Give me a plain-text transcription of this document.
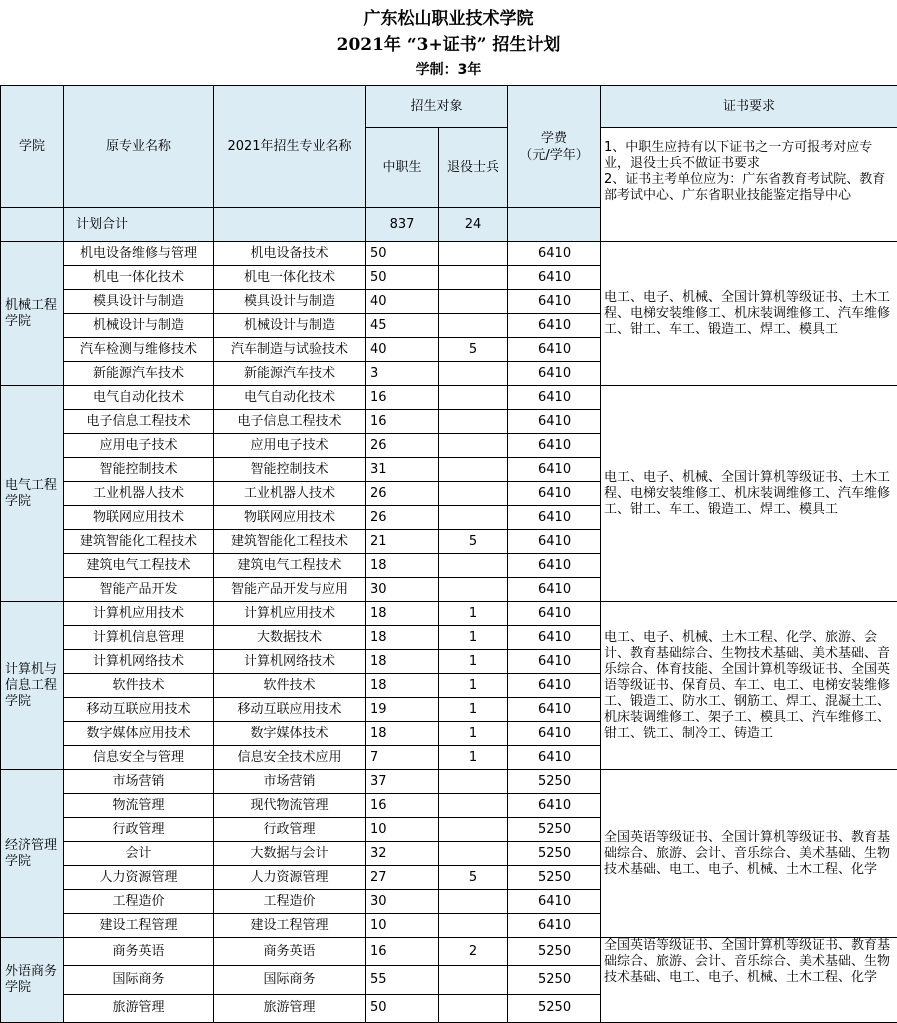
广东松山职业技术学院
2021年 “3+证书” 招生计划
学制：3年
学院	原专业名称	2021年招生专业名称	招生对象		学费
（元/学年）	证书要求
			中职生	退役士兵		1、中职生应持有以下证书之一方可报考对应专业，退役士兵不做证书要求
2、证书主考单位应为：广东省教育考试院、教育部考试中心、广东省职业技能鉴定指导中心
	计划合计		837	24		
机械工程学院	机电设备维修与管理	机电设备技术	50		6410	电工、电子、机械、全国计算机等级证书、土木工程、电梯安装维修工、机床装调维修工、汽车维修工、钳工、车工、锻造工、焊工、模具工
	机电一体化技术	机电一体化技术	50		6410	
	模具设计与制造	模具设计与制造	40		6410	
	机械设计与制造	机械设计与制造	45		6410	
	汽车检测与维修技术	汽车制造与试验技术	40	5	6410	
	新能源汽车技术	新能源汽车技术	3		6410	
电气工程学院	电气自动化技术	电气自动化技术	16		6410	电工、电子、机械、全国计算机等级证书、土木工程、电梯安装维修工、机床装调维修工、汽车维修工、钳工、车工、锻造工、焊工、模具工
	电子信息工程技术	电子信息工程技术	16		6410	
	应用电子技术	应用电子技术	26		6410	
	智能控制技术	智能控制技术	31		6410	
	工业机器人技术	工业机器人技术	26		6410	
	物联网应用技术	物联网应用技术	26		6410	
	建筑智能化工程技术	建筑智能化工程技术	21	5	6410	
	建筑电气工程技术	建筑电气工程技术	18		6410	
	智能产品开发	智能产品开发与应用	30		6410	
计算机与信息工程学院	计算机应用技术	计算机应用技术	18	1	6410	电工、电子、机械、土木工程、化学、旅游、会计、教育基础综合、生物技术基础、美术基础、音乐综合、体育技能、全国计算机等级证书、全国英语等级证书、保育员、车工、电工、电梯安装维修工、锻造工、防水工、钢筋工、焊工、混凝土工、机床装调维修工、架子工、模具工、汽车维修工、钳工、铣工、制冷工、铸造工
	计算机信息管理	大数据技术	18	1	6410	
	计算机网络技术	计算机网络技术	18	1	6410	
	软件技术	软件技术	18	1	6410	
	移动互联应用技术	移动互联应用技术	19	1	6410	
	数字媒体应用技术	数字媒体技术	18	1	6410	
	信息安全与管理	信息安全技术应用	7	1	6410	
经济管理学院	市场营销	市场营销	37		5250	全国英语等级证书、全国计算机等级证书、教育基础综合、旅游、会计、音乐综合、美术基础、生物技术基础、电工、电子、机械、土木工程、化学
	物流管理	现代物流管理	16		6410	
	行政管理	行政管理	10		5250	
	会计	大数据与会计	32		5250	
	人力资源管理	人力资源管理	27	5	5250	
	工程造价	工程造价	30		6410	
	建设工程管理	建设工程管理	10		6410	
外语商务学院	商务英语	商务英语	16	2	5250	全国英语等级证书、全国计算机等级证书、教育基础综合、旅游、会计、音乐综合、美术基础、生物技术基础、电工、电子、机械、土木工程、化学
	国际商务	国际商务	55		5250	
	旅游管理	旅游管理	50		5250	
